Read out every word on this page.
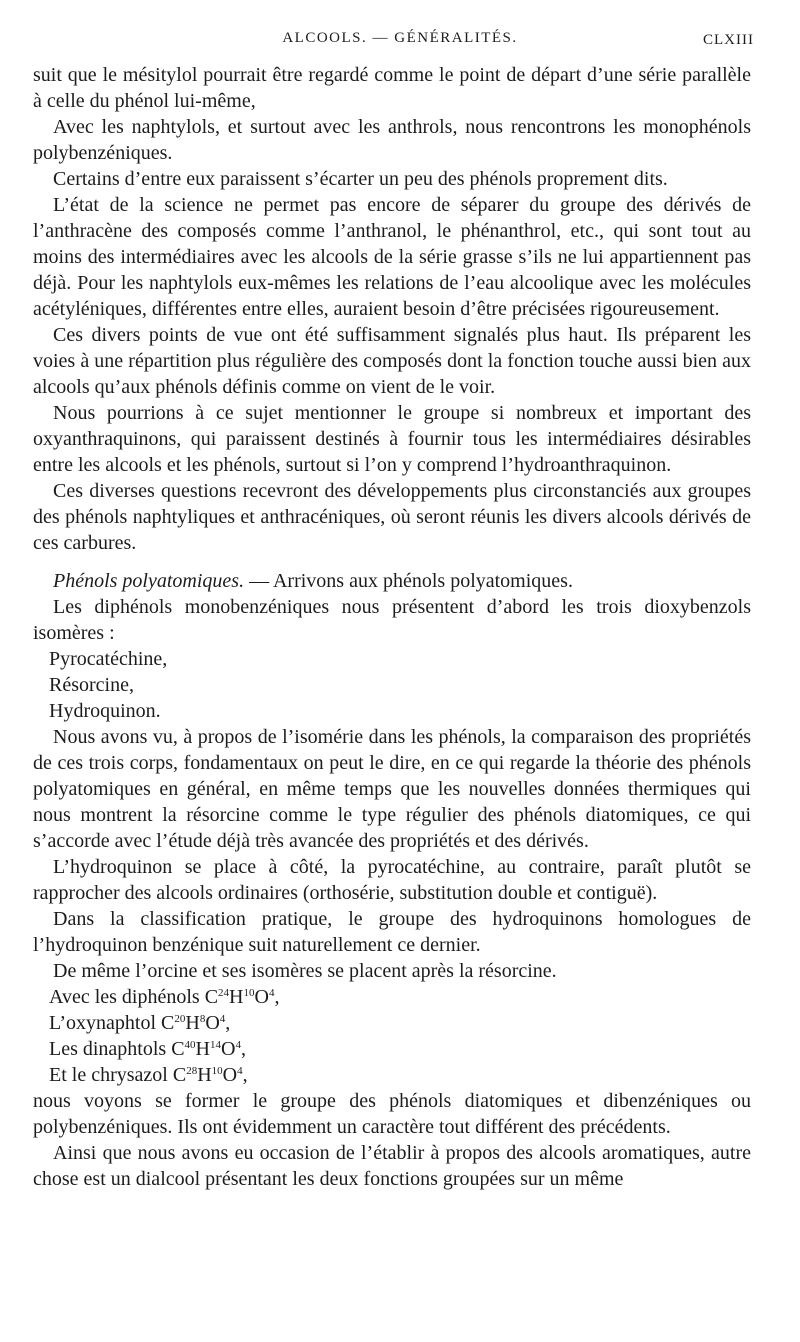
ALCOOLS. — GÉNÉRALITÉS.	CLXIII

suit que le mésitylol pourrait être regardé comme le point de départ d’une série parallèle à celle du phénol lui-même,

Avec les naphtylols, et surtout avec les anthrols, nous rencontrons les monophénols polybenzéniques.

Certains d’entre eux paraissent s’écarter un peu des phénols proprement dits.

L’état de la science ne permet pas encore de séparer du groupe des dérivés de l’anthracène des composés comme l’anthranol, le phénanthrol, etc., qui sont tout au moins des intermédiaires avec les alcools de la série grasse s’ils ne lui appartiennent pas déjà. Pour les naphtylols eux-mêmes les relations de l’eau alcoolique avec les molécules acétyléniques, différentes entre elles, auraient besoin d’être précisées rigoureusement.

Ces divers points de vue ont été suffisamment signalés plus haut. Ils préparent les voies à une répartition plus régulière des composés dont la fonction touche aussi bien aux alcools qu’aux phénols définis comme on vient de le voir.

Nous pourrions à ce sujet mentionner le groupe si nombreux et important des oxyanthraquinons, qui paraissent destinés à fournir tous les intermédiaires désirables entre les alcools et les phénols, surtout si l’on y comprend l’hydroanthraquinon.

Ces diverses questions recevront des développements plus circonstanciés aux groupes des phénols naphtyliques et anthracéniques, où seront réunis les divers alcools dérivés de ces carbures.

Phénols polyatomiques. — Arrivons aux phénols polyatomiques.

Les diphénols monobenzéniques nous présentent d’abord les trois dioxybenzols isomères :

Pyrocatéchine,

Résorcine,

Hydroquinon.

Nous avons vu, à propos de l’isomérie dans les phénols, la comparaison des propriétés de ces trois corps, fondamentaux on peut le dire, en ce qui regarde la théorie des phénols polyatomiques en général, en même temps que les nouvelles données thermiques qui nous montrent la résorcine comme le type régulier des phénols diatomiques, ce qui s’accorde avec l’étude déjà très avancée des propriétés et des dérivés.

L’hydroquinon se place à côté, la pyrocatéchine, au contraire, paraît plutôt se rapprocher des alcools ordinaires (orthosérie, substitution double et contiguë).

Dans la classification pratique, le groupe des hydroquinons homologues de l’hydroquinon benzénique suit naturellement ce dernier.

De même l’orcine et ses isomères se placent après la résorcine.

Avec les diphénols $C^{24}H^{10}O^4$,

L’oxynaphtol $C^{20}H^8O^4$,

Les dinaphtols $C^{40}H^{14}O^4$,

Et le chrysazol $C^{28}H^{10}O^4$,

nous voyons se former le groupe des phénols diatomiques et dibenzéniques ou polybenzéniques. Ils ont évidemment un caractère tout différent des précédents.

Ainsi que nous avons eu occasion de l’établir à propos des alcools aromatiques, autre chose est un dialcool présentant les deux fonctions groupées sur un même
